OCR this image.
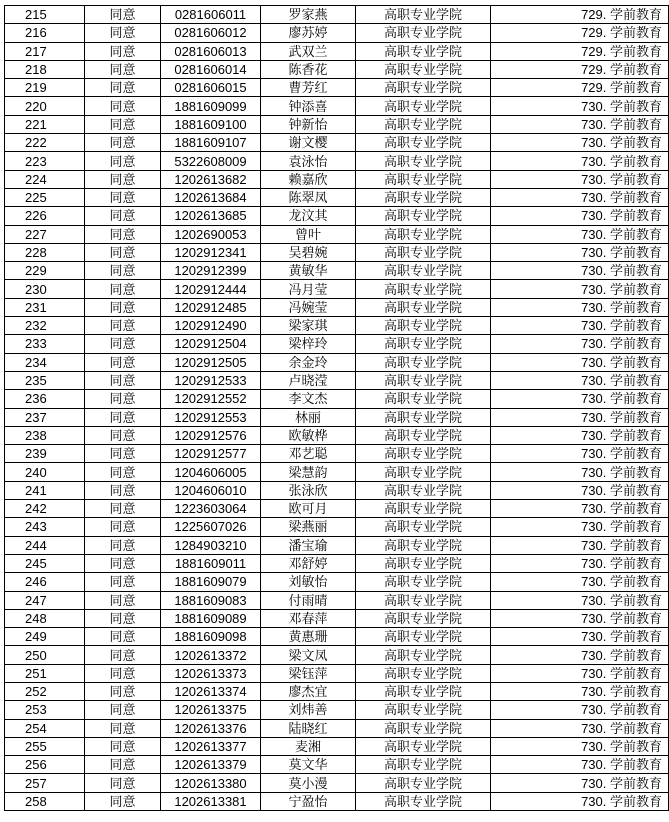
215	同意	0281606011	罗家燕	高职专业学院	729. 学前教育
216	同意	0281606012	廖苏婷	高职专业学院	729. 学前教育
217	同意	0281606013	武双兰	高职专业学院	729. 学前教育
218	同意	0281606014	陈香花	高职专业学院	729. 学前教育
219	同意	0281606015	曹芳红	高职专业学院	729. 学前教育
220	同意	1881609099	钟添喜	高职专业学院	730. 学前教育
221	同意	1881609100	钟新怡	高职专业学院	730. 学前教育
222	同意	1881609107	谢文樱	高职专业学院	730. 学前教育
223	同意	5322608009	袁泳怡	高职专业学院	730. 学前教育
224	同意	1202613682	赖嘉欣	高职专业学院	730. 学前教育
225	同意	1202613684	陈翠凤	高职专业学院	730. 学前教育
226	同意	1202613685	龙汶其	高职专业学院	730. 学前教育
227	同意	1202690053	曾叶	高职专业学院	730. 学前教育
228	同意	1202912341	吴碧婉	高职专业学院	730. 学前教育
229	同意	1202912399	黄敏华	高职专业学院	730. 学前教育
230	同意	1202912444	冯月莹	高职专业学院	730. 学前教育
231	同意	1202912485	冯婉莹	高职专业学院	730. 学前教育
232	同意	1202912490	梁家琪	高职专业学院	730. 学前教育
233	同意	1202912504	梁梓玲	高职专业学院	730. 学前教育
234	同意	1202912505	余金玲	高职专业学院	730. 学前教育
235	同意	1202912533	卢晓滢	高职专业学院	730. 学前教育
236	同意	1202912552	李文杰	高职专业学院	730. 学前教育
237	同意	1202912553	林丽	高职专业学院	730. 学前教育
238	同意	1202912576	欧敏桦	高职专业学院	730. 学前教育
239	同意	1202912577	邓艺聪	高职专业学院	730. 学前教育
240	同意	1204606005	梁慧韵	高职专业学院	730. 学前教育
241	同意	1204606010	张泳欣	高职专业学院	730. 学前教育
242	同意	1223603064	欧可月	高职专业学院	730. 学前教育
243	同意	1225607026	梁燕丽	高职专业学院	730. 学前教育
244	同意	1284903210	潘宝瑜	高职专业学院	730. 学前教育
245	同意	1881609011	邓舒婷	高职专业学院	730. 学前教育
246	同意	1881609079	刘敏怡	高职专业学院	730. 学前教育
247	同意	1881609083	付雨晴	高职专业学院	730. 学前教育
248	同意	1881609089	邓春萍	高职专业学院	730. 学前教育
249	同意	1881609098	黄惠珊	高职专业学院	730. 学前教育
250	同意	1202613372	梁文凤	高职专业学院	730. 学前教育
251	同意	1202613373	梁钰萍	高职专业学院	730. 学前教育
252	同意	1202613374	廖杰宜	高职专业学院	730. 学前教育
253	同意	1202613375	刘炜善	高职专业学院	730. 学前教育
254	同意	1202613376	陆晓红	高职专业学院	730. 学前教育
255	同意	1202613377	麦湘	高职专业学院	730. 学前教育
256	同意	1202613379	莫文华	高职专业学院	730. 学前教育
257	同意	1202613380	莫小漫	高职专业学院	730. 学前教育
258	同意	1202613381	宁盈怡	高职专业学院	730. 学前教育
